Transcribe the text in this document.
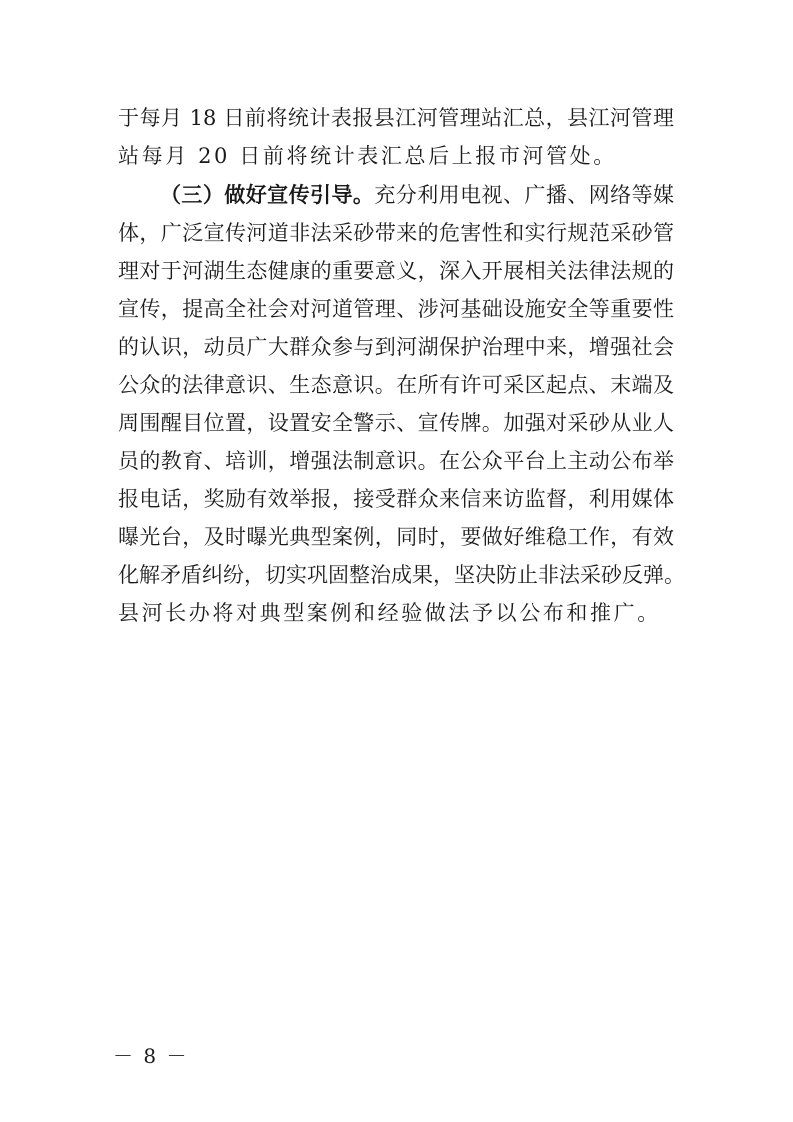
于每月 18 日前将统计表报县江河管理站汇总，县江河管理
站每月 20 日前将统计表汇总后上报市河管处。
（三）做好宣传引导。充分利用电视、广播、网络等媒
体，广泛宣传河道非法采砂带来的危害性和实行规范采砂管
理对于河湖生态健康的重要意义，深入开展相关法律法规的
宣传，提高全社会对河道管理、涉河基础设施安全等重要性
的认识，动员广大群众参与到河湖保护治理中来，增强社会
公众的法律意识、生态意识。在所有许可采区起点、末端及
周围醒目位置，设置安全警示、宣传牌。加强对采砂从业人
员的教育、培训，增强法制意识。在公众平台上主动公布举
报电话，奖励有效举报，接受群众来信来访监督，利用媒体
曝光台，及时曝光典型案例，同时，要做好维稳工作，有效
化解矛盾纠纷，切实巩固整治成果，坚决防止非法采砂反弹。
县河长办将对典型案例和经验做法予以公布和推广。
－ 8 －
